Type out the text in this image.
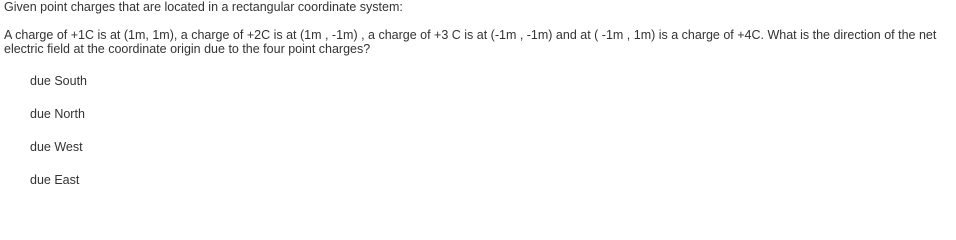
Given point charges that are located in a rectangular coordinate system:
A charge of +1C is at (1m, 1m), a charge of +2C is at (1m , -1m) , a charge of +3 C is at (-1m , -1m) and at ( -1m , 1m) is a charge of +4C. What is the direction of the net electric field at the coordinate origin due to the four point charges?
due South
due North
due West
due East
